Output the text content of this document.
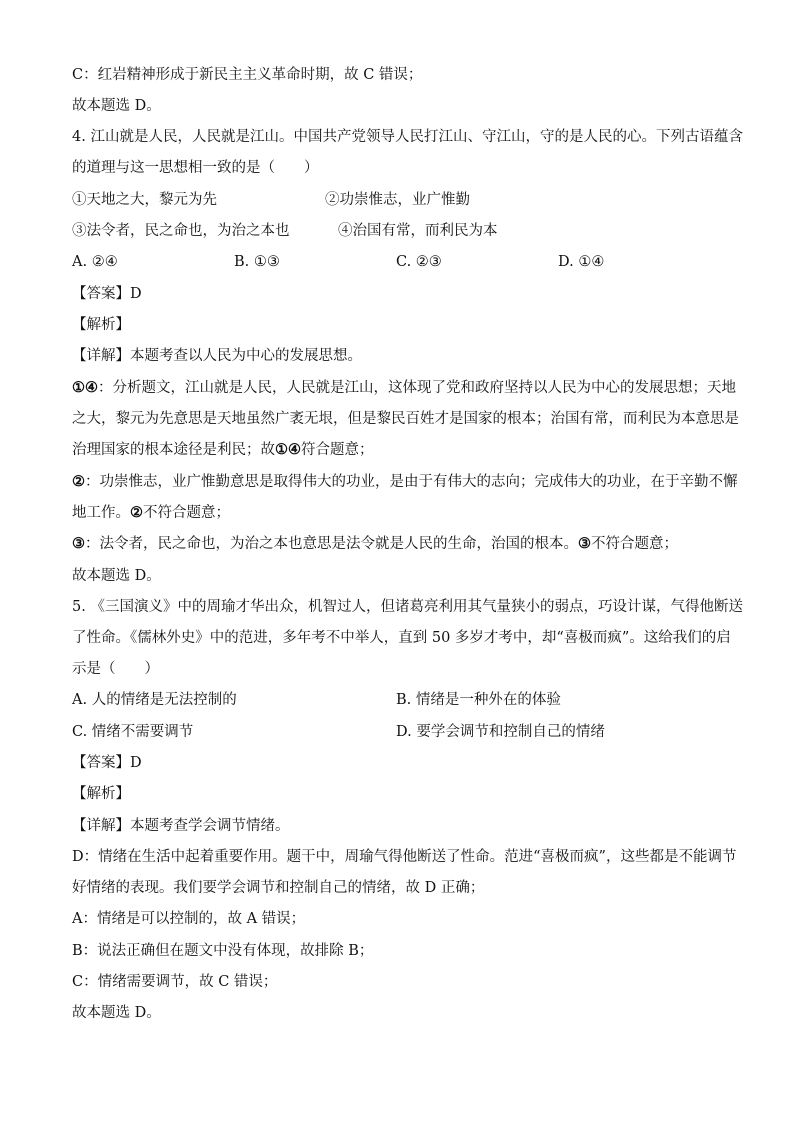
C：红岩精神形成于新民主主义革命时期，故 C 错误；
故本题选 D。
4. 江山就是人民，人民就是江山。中国共产党领导人民打江山、守江山，守的是人民的心。下列古语蕴含
的道理与这一思想相一致的是（　　）
①天地之大，黎元为先	②功崇惟志，业广惟勤
③法令者，民之命也，为治之本也	④治国有常，而利民为本
A. ②④	B. ①③	C. ②③	D. ①④
【答案】D
【解析】
【详解】本题考查以人民为中心的发展思想。
①④：分析题文，江山就是人民，人民就是江山，这体现了党和政府坚持以人民为中心的发展思想；天地
之大，黎元为先意思是天地虽然广袤无垠，但是黎民百姓才是国家的根本；治国有常，而利民为本意思是
治理国家的根本途径是利民；故①④符合题意；
②：功崇惟志，业广惟勤意思是取得伟大的功业，是由于有伟大的志向；完成伟大的功业，在于辛勤不懈
地工作。②不符合题意；
③：法令者，民之命也，为治之本也意思是法令就是人民的生命，治国的根本。③不符合题意；
故本题选 D。
5. 《三国演义》中的周瑜才华出众，机智过人，但诸葛亮利用其气量狭小的弱点，巧设计谋，气得他断送
了性命。《儒林外史》中的范进，多年考不中举人，直到 50 多岁才考中，却“喜极而疯”。这给我们的启
示是（　　）
A. 人的情绪是无法控制的	B. 情绪是一种外在的体验
C. 情绪不需要调节	D. 要学会调节和控制自己的情绪
【答案】D
【解析】
【详解】本题考查学会调节情绪。
D：情绪在生活中起着重要作用。题干中，周瑜气得他断送了性命。范进“喜极而疯”，这些都是不能调节
好情绪的表现。我们要学会调节和控制自己的情绪，故 D 正确；
A：情绪是可以控制的，故 A 错误；
B：说法正确但在题文中没有体现，故排除 B；
C：情绪需要调节，故 C 错误；
故本题选 D。
